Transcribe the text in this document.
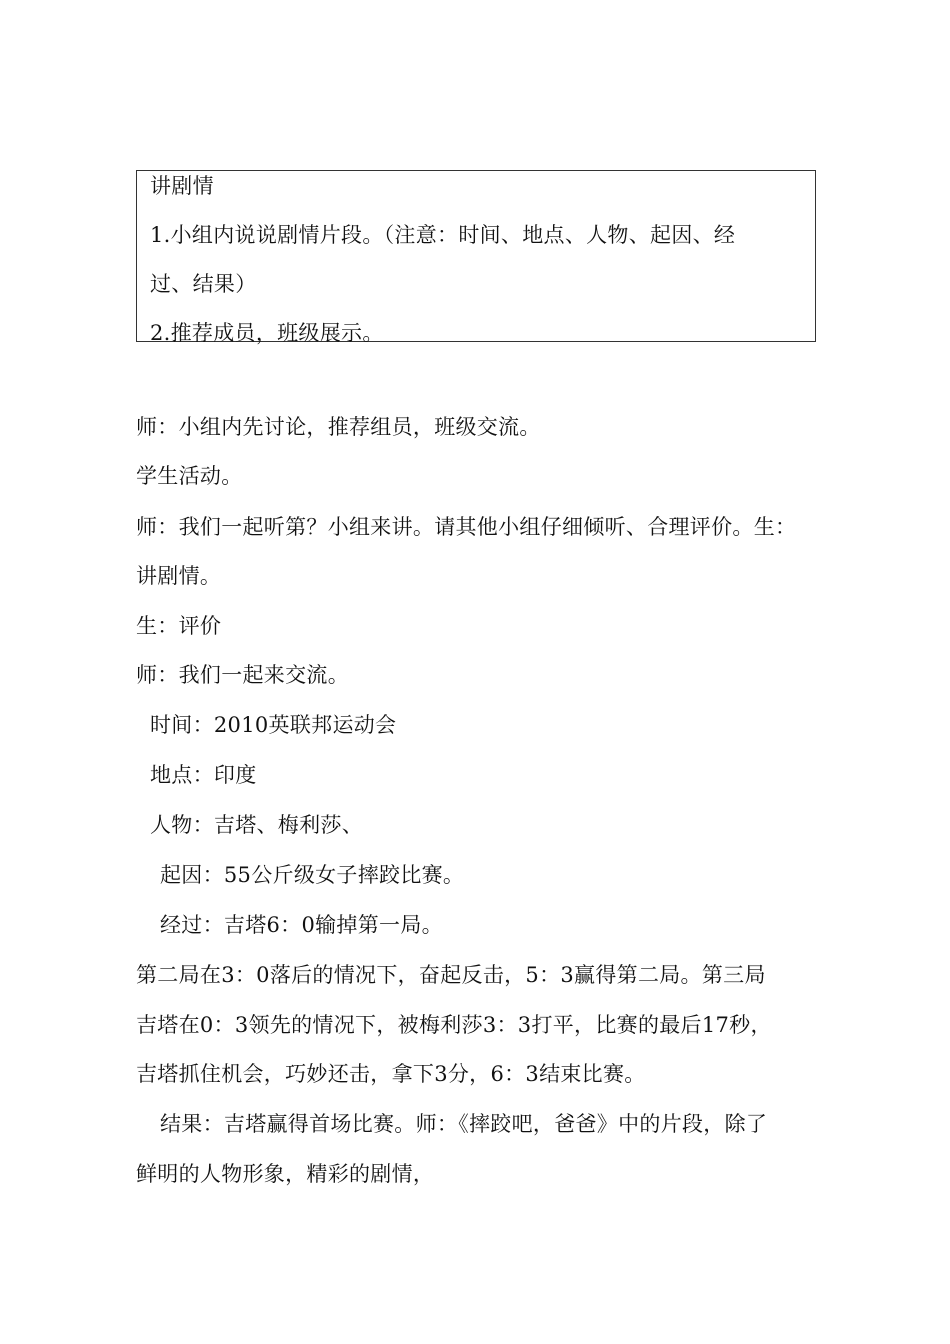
讲剧情
1.小组内说说剧情片段。（注意：时间、地点、人物、起因、经
过、结果）
2.推荐成员，班级展示。
师：小组内先讨论，推荐组员，班级交流。
学生活动。
师：我们一起听第？小组来讲。请其他小组仔细倾听、合理评价。生：
讲剧情。
生：评价
师：我们一起来交流。
时间：2010英联邦运动会
地点：印度
人物：吉塔、梅利莎、
起因：55公斤级女子摔跤比赛。
经过：吉塔6：0输掉第一局。
第二局在3：0落后的情况下，奋起反击，5：3赢得第二局。第三局
吉塔在0：3领先的情况下，被梅利莎3：3打平，比赛的最后17秒，
吉塔抓住机会，巧妙还击，拿下3分，6：3结束比赛。
结果：吉塔赢得首场比赛。师：《摔跤吧，爸爸》中的片段，除了
鲜明的人物形象，精彩的剧情，
